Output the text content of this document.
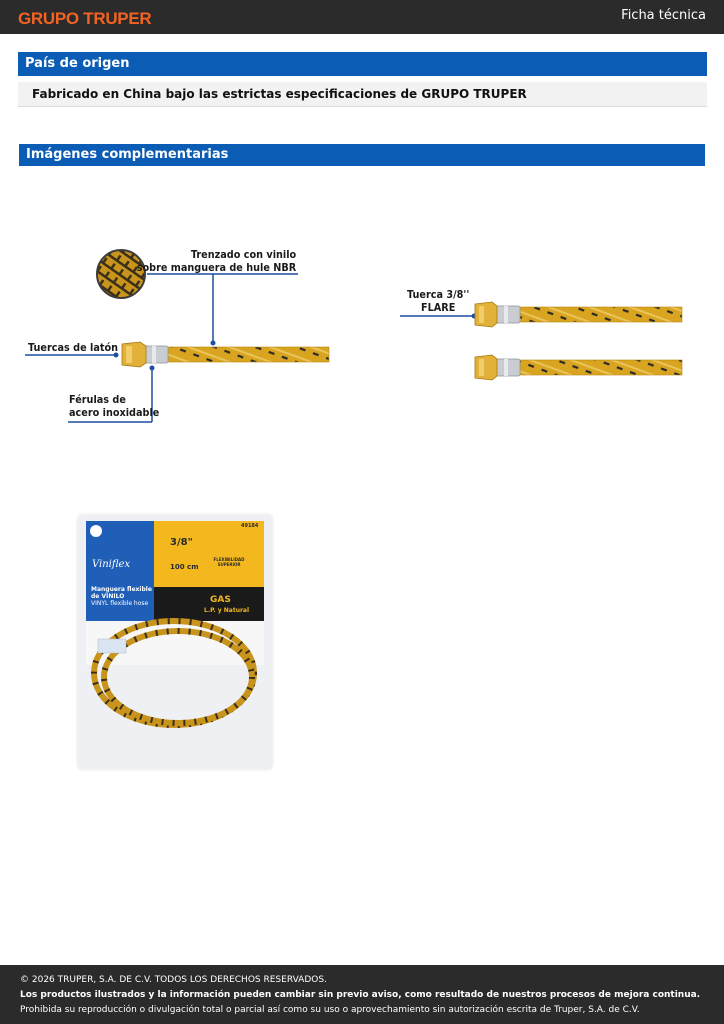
GRUPO TRUPER	Ficha técnica
País de origen
Fabricado en China bajo las estrictas especificaciones de GRUPO TRUPER
Imágenes complementarias
Trenzado con vinilo
sobre manguera de hule NBR
Tuercas de latón
Férulas de
acero inoxidable
Tuerca 3/8''
FLARE
49184
3/8"
100 cm
FLEXIBILIDAD SUPERIOR
Viniflex
Manguera flexible
de VINILO
VINYL flexible hose	GAS
L.P. y Natural
© 2026 TRUPER, S.A. DE C.V. TODOS LOS DERECHOS RESERVADOS.
Los productos ilustrados y la información pueden cambiar sin previo aviso, como resultado de nuestros procesos de mejora continua.
Prohibida su reproducción o divulgación total o parcial así como su uso o aprovechamiento sin autorización escrita de Truper, S.A. de C.V.
